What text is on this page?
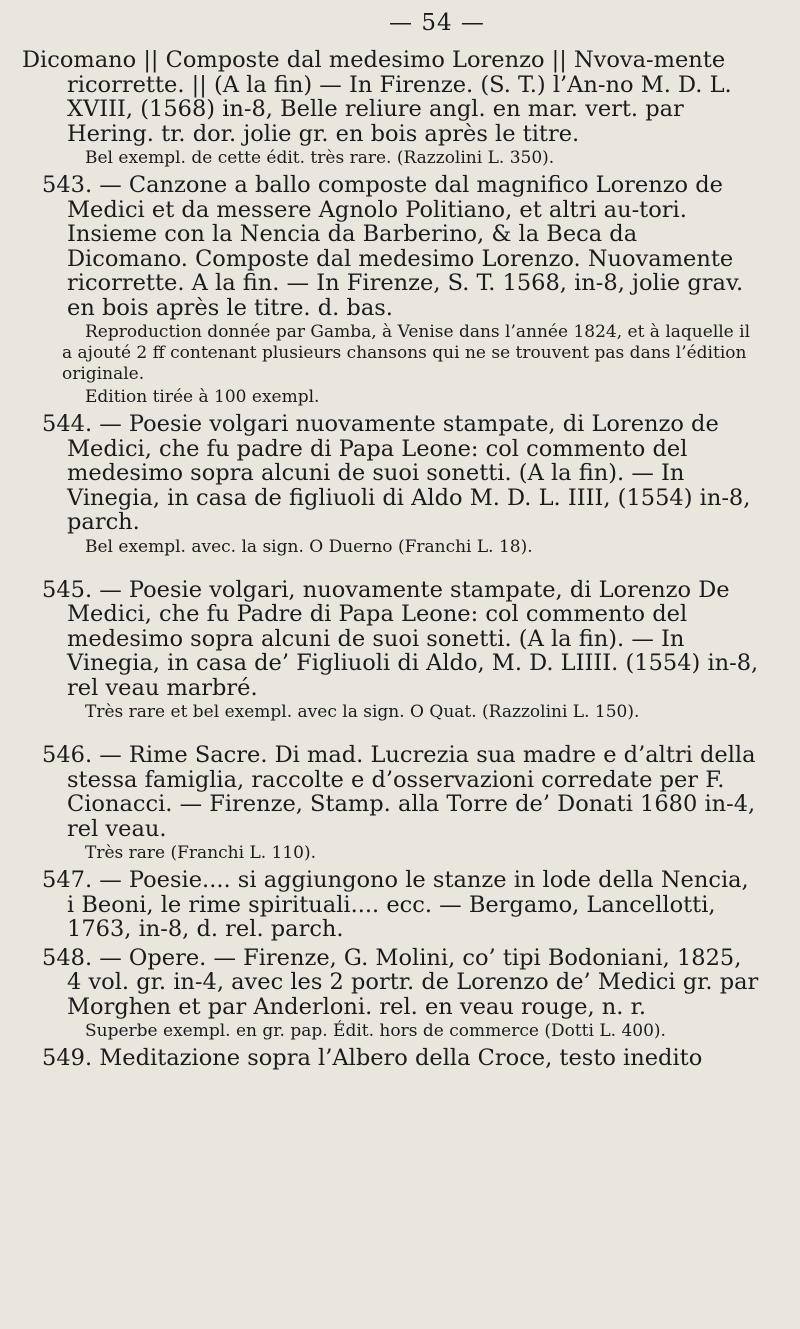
— 54 —

Dicomano || Composte dal medesimo Lorenzo || Nvova-mente ricorrette. || (A la fin) — In Firenze. (S. T.) l’An-no M. D. L. XVIII, (1568) in-8, Belle reliure angl. en mar. vert. par Hering. tr. dor. jolie gr. en bois après le titre.

Bel exempl. de cette édit. très rare. (Razzolini L. 350).

543. — Canzone a ballo composte dal magnifico Lorenzo de Medici et da messere Agnolo Politiano, et altri au-tori. Insieme con la Nencia da Barberino, & la Beca da Dicomano. Composte dal medesimo Lorenzo. Nuovamente ricorrette. A la fin. — In Firenze, S. T. 1568, in-8, jolie grav. en bois après le titre. d. bas.

Reproduction donnée par Gamba, à Venise dans l’année 1824, et à laquelle il a ajouté 2 ff contenant plusieurs chansons qui ne se trouvent pas dans l’édition originale.

Edition tirée à 100 exempl.

544. — Poesie volgari nuovamente stampate, di Lorenzo de Medici, che fu padre di Papa Leone: col commento del medesimo sopra alcuni de suoi sonetti. (A la fin). — In Vinegia, in casa de figliuoli di Aldo M. D. L. IIII, (1554) in-8, parch.

Bel exempl. avec. la sign. O Duerno (Franchi L. 18).

545. — Poesie volgari, nuovamente stampate, di Lorenzo De Medici, che fu Padre di Papa Leone: col commento del medesimo sopra alcuni de suoi sonetti. (A la fin). — In Vinegia, in casa de’ Figliuoli di Aldo, M. D. LIIII. (1554) in-8, rel veau marbré.

Très rare et bel exempl. avec la sign. O Quat. (Razzolini L. 150).

546. — Rime Sacre. Di mad. Lucrezia sua madre e d’altri della stessa famiglia, raccolte e d’osservazioni corredate per F. Cionacci. — Firenze, Stamp. alla Torre de’ Donati 1680 in-4, rel veau.

Très rare (Franchi L. 110).

547. — Poesie.... si aggiungono le stanze in lode della Nencia, i Beoni, le rime spirituali.... ecc. — Bergamo, Lancellotti, 1763, in-8, d. rel. parch.

548. — Opere. — Firenze, G. Molini, co’ tipi Bodoniani, 1825, 4 vol. gr. in-4, avec les 2 portr. de Lorenzo de’ Medici gr. par Morghen et par Anderloni. rel. en veau rouge, n. r.

Superbe exempl. en gr. pap. Édit. hors de commerce (Dotti L. 400).

549. Meditazione sopra l’Albero della Croce, testo inedito
